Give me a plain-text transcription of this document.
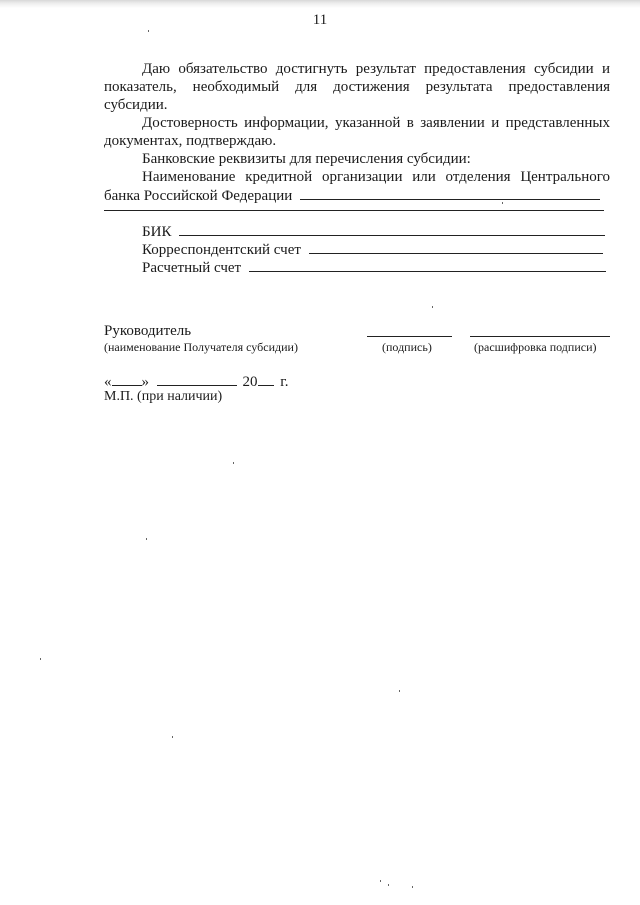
11
Даю обязательство достигнуть результат предоставления субсидии и
показатель, необходимый для достижения результата предоставления
субсидии.
Достоверность информации, указанной в заявлении и представленных
документах, подтверждаю.
Банковские реквизиты для перечисления субсидии:
Наименование кредитной организации или отделения Центрального
банка Российской Федерации
БИК
Корреспондентский счет
Расчетный счет
Руководитель
(наименование Получателя субсидии)	(подпись)	(расшифровка подписи)
« »	20 г.
М.П. (при наличии)
